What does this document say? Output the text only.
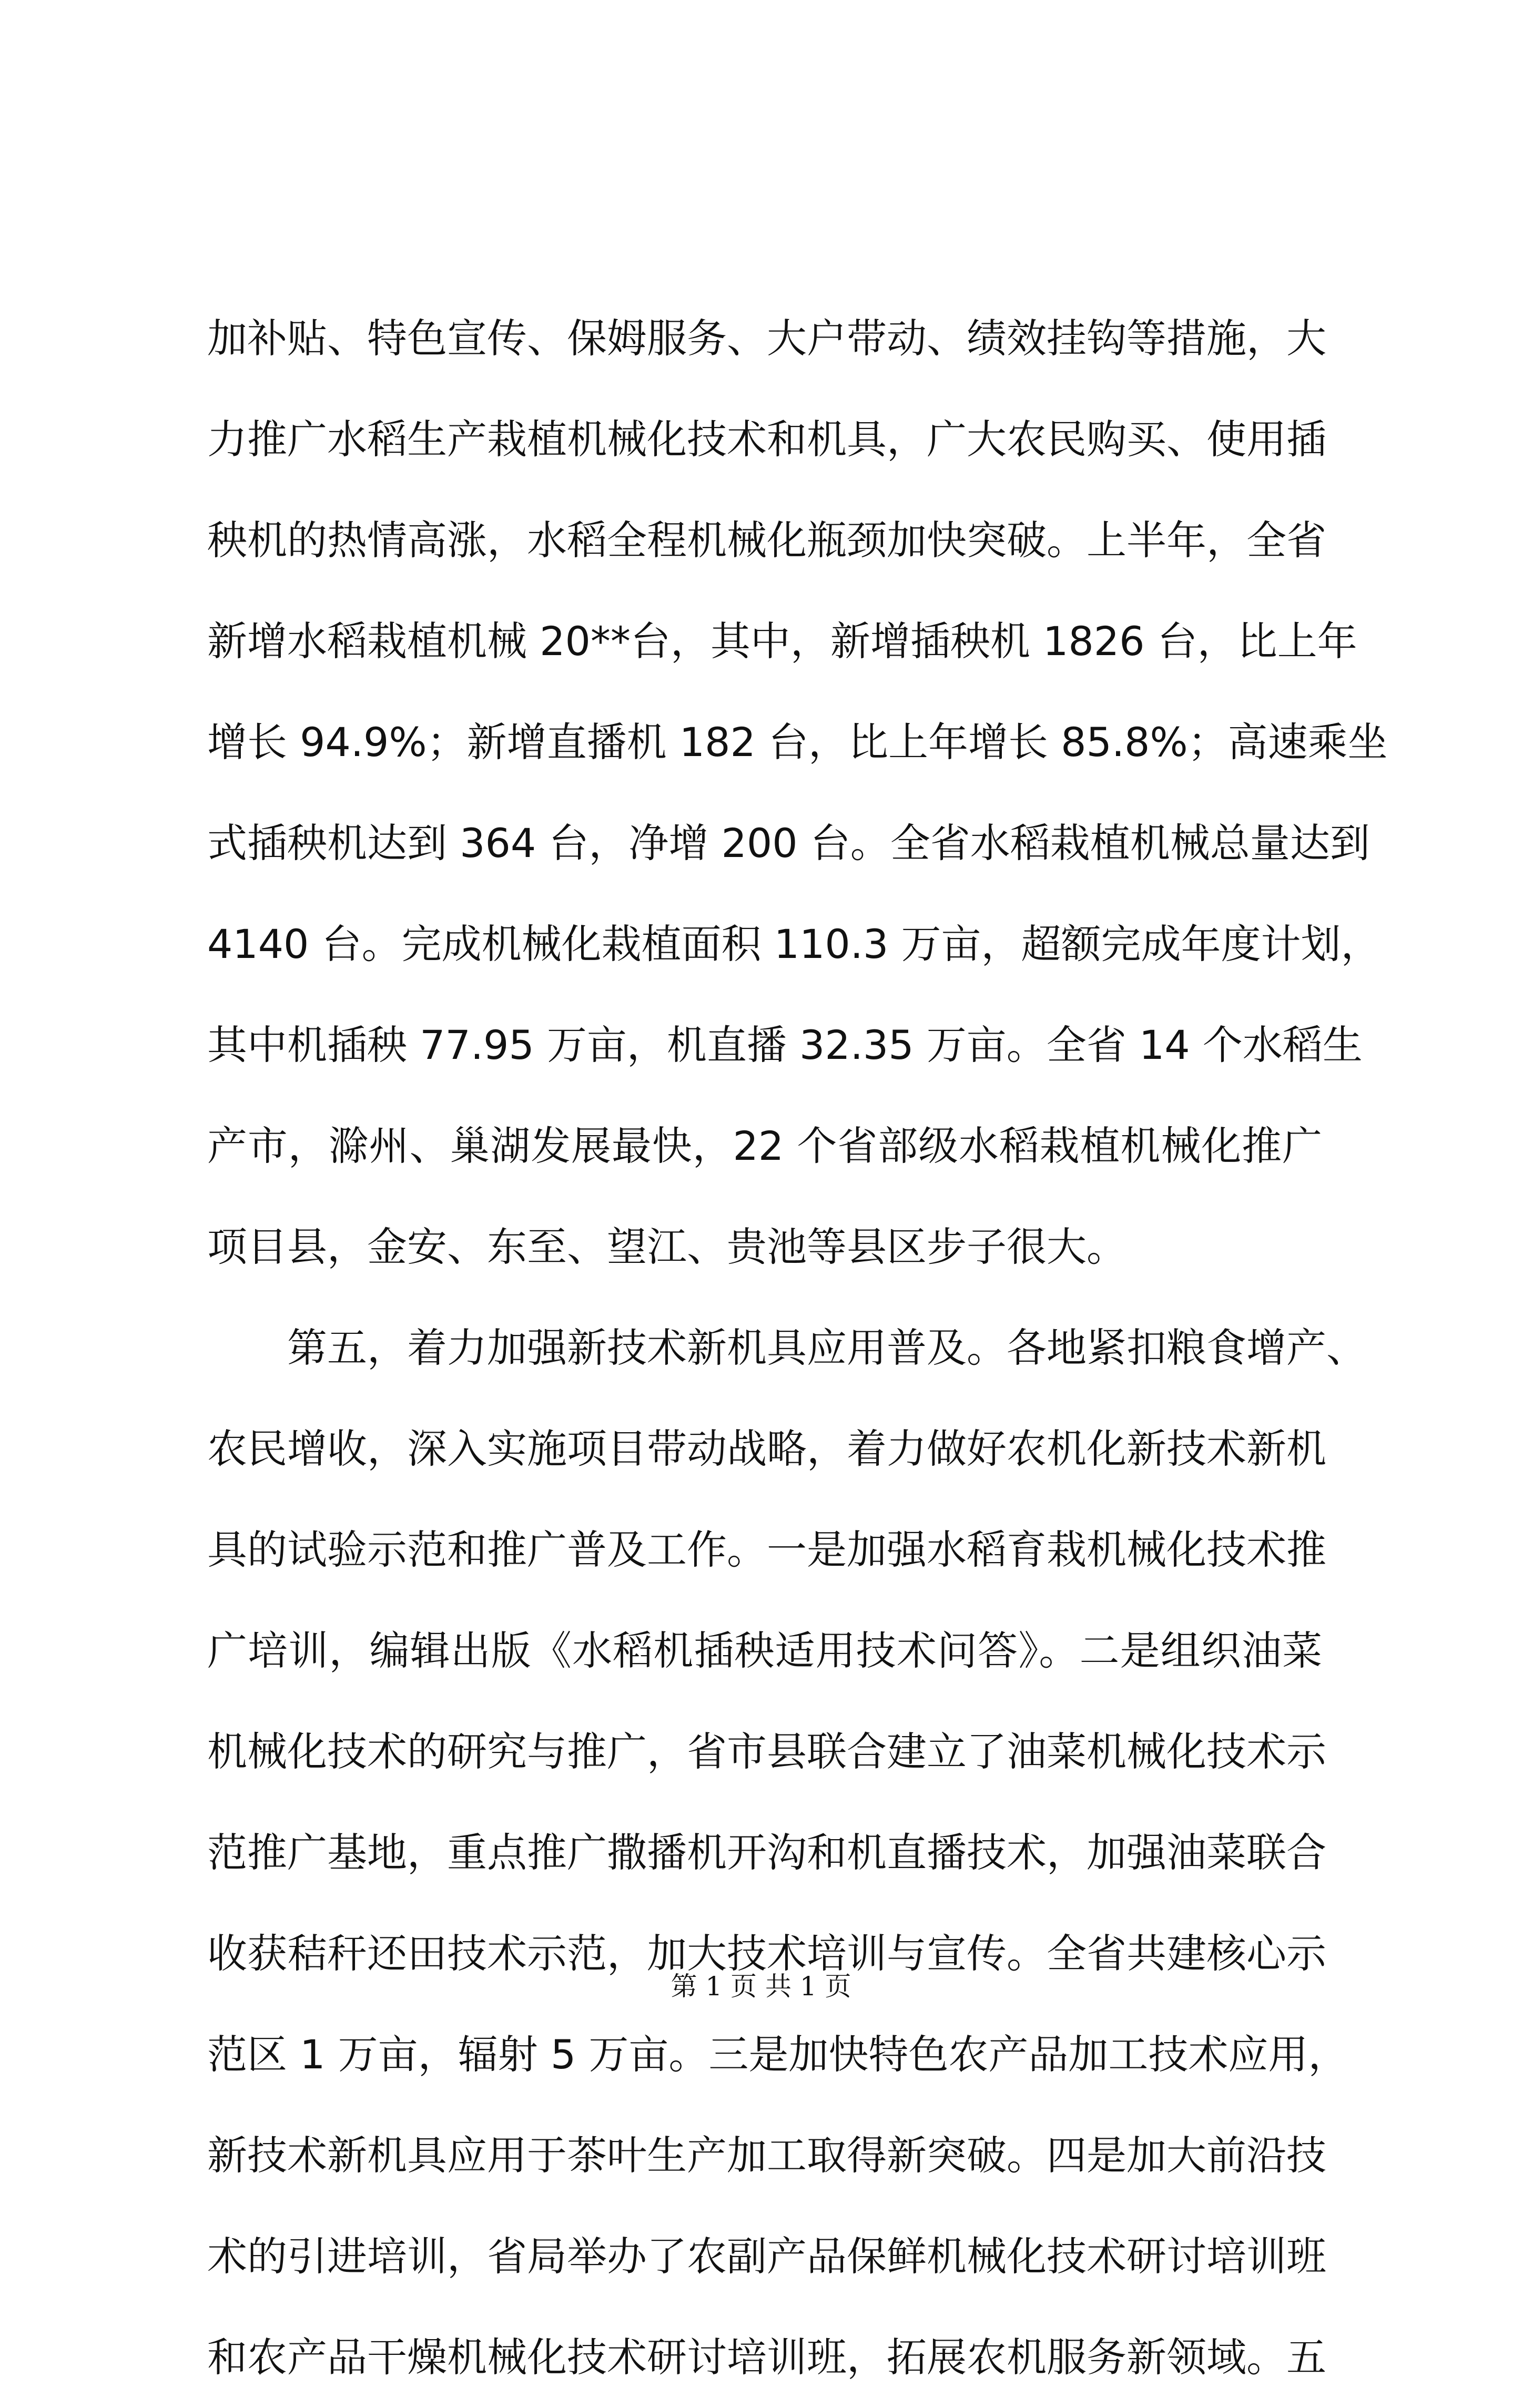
加补贴、特色宣传、保姆服务、大户带动、绩效挂钩等措施，大
力推广水稻生产栽植机械化技术和机具，广大农民购买、使用插
秧机的热情高涨，水稻全程机械化瓶颈加快突破。上半年，全省
新增水稻栽植机械 20**台，其中，新增插秧机 1826 台，比上年
增长 94.9%；新增直播机 182 台，比上年增长 85.8%；高速乘坐
式插秧机达到 364 台，净增 200 台。全省水稻栽植机械总量达到
4140 台。完成机械化栽植面积 110.3 万亩，超额完成年度计划，
其中机插秧 77.95 万亩，机直播 32.35 万亩。全省 14 个水稻生
产市，滁州、巢湖发展最快，22 个省部级水稻栽植机械化推广
项目县，金安、东至、望江、贵池等县区步子很大。
第五，着力加强新技术新机具应用普及。各地紧扣粮食增产、
农民增收，深入实施项目带动战略，着力做好农机化新技术新机
具的试验示范和推广普及工作。一是加强水稻育栽机械化技术推
广培训，编辑出版《水稻机插秧适用技术问答》。二是组织油菜
机械化技术的研究与推广，省市县联合建立了油菜机械化技术示
范推广基地，重点推广撒播机开沟和机直播技术，加强油菜联合
收获秸秆还田技术示范，加大技术培训与宣传。全省共建核心示
范区 1 万亩，辐射 5 万亩。三是加快特色农产品加工技术应用，
新技术新机具应用于茶叶生产加工取得新突破。四是加大前沿技
术的引进培训，省局举办了农副产品保鲜机械化技术研讨培训班
和农产品干燥机械化技术研讨培训班，拓展农机服务新领域。五
第 1 页 共 1 页
